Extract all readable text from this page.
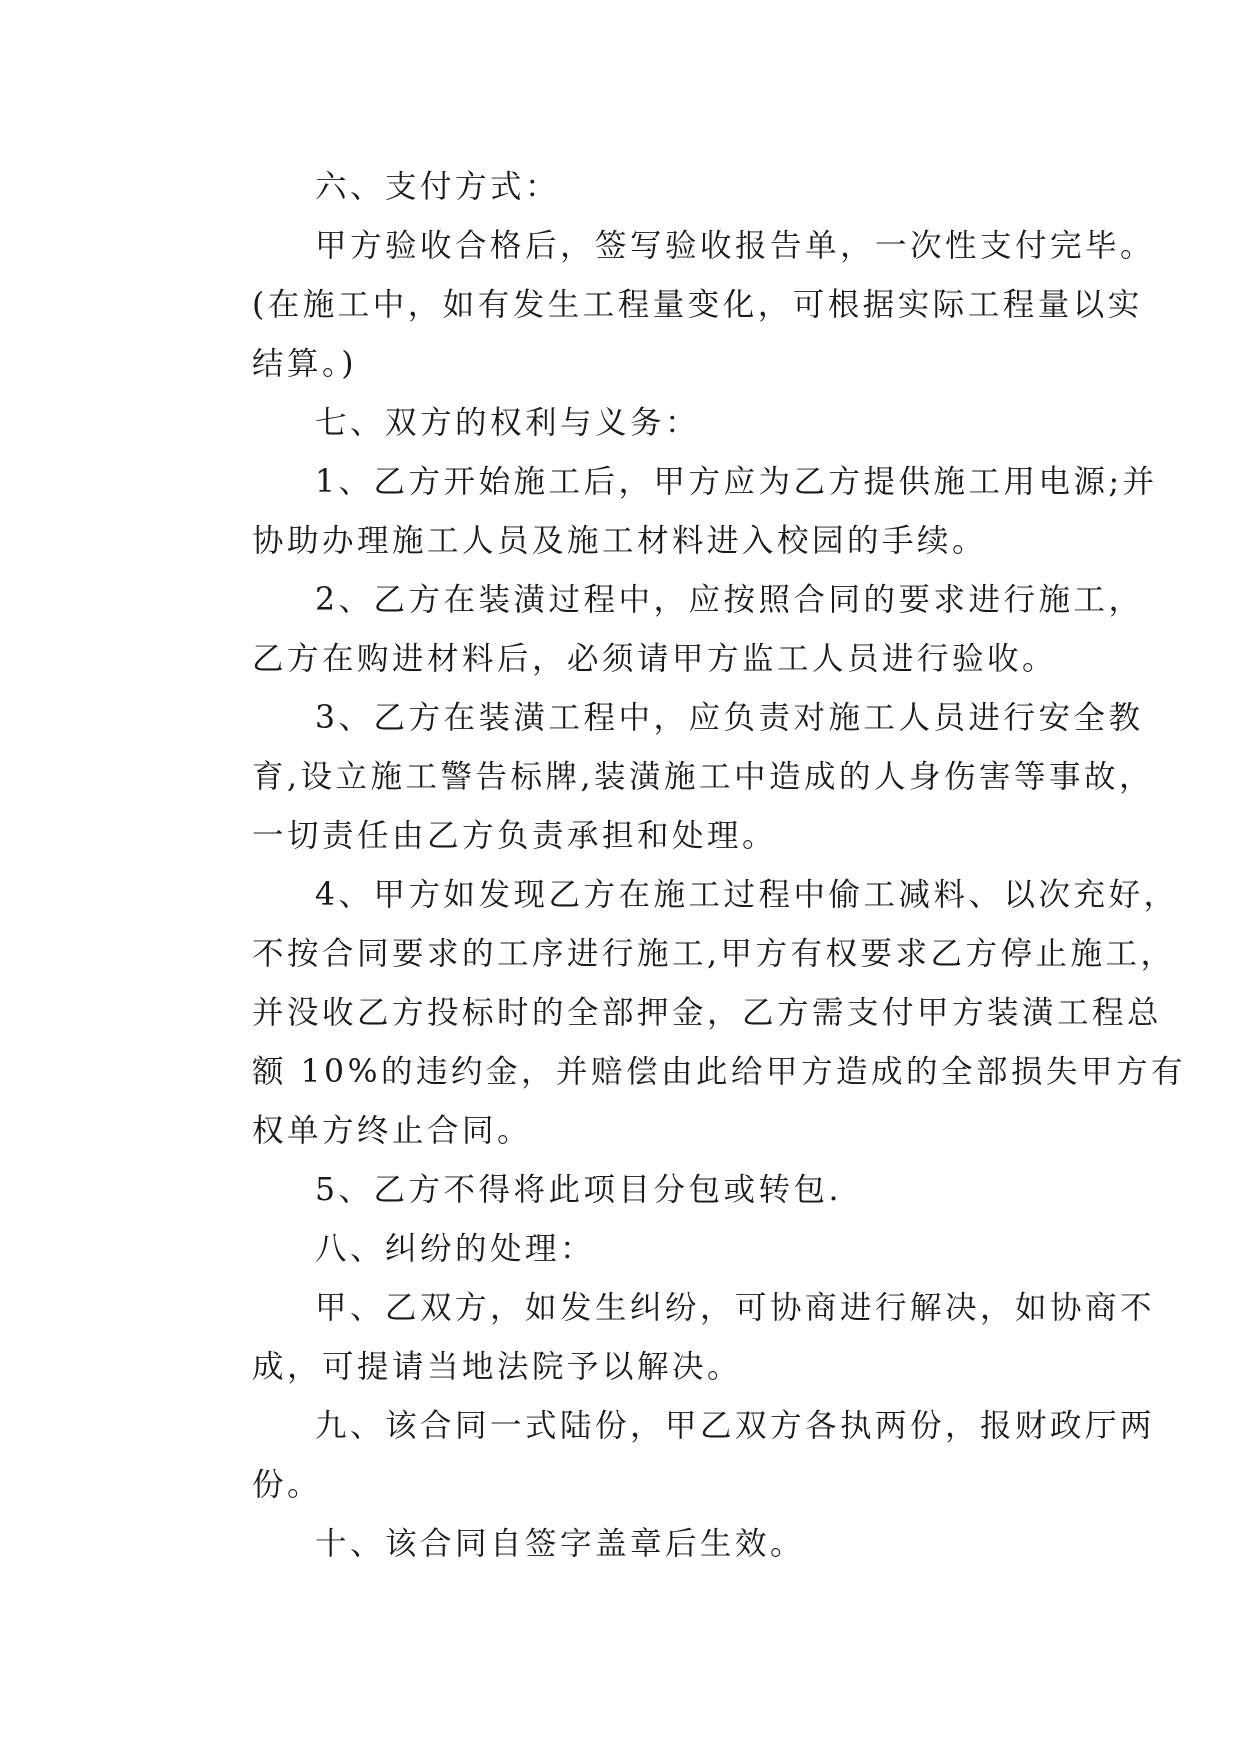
六、支付方式：
甲方验收合格后，签写验收报告单，一次性支付完毕。
(在施工中，如有发生工程量变化，可根据实际工程量以实
结算。)
七、双方的权利与义务：
1、乙方开始施工后，甲方应为乙方提供施工用电源;并
协助办理施工人员及施工材料进入校园的手续。
2、乙方在装潢过程中，应按照合同的要求进行施工，
乙方在购进材料后，必须请甲方监工人员进行验收。
3、乙方在装潢工程中，应负责对施工人员进行安全教
育,设立施工警告标牌,装潢施工中造成的人身伤害等事故，
一切责任由乙方负责承担和处理。
4、甲方如发现乙方在施工过程中偷工减料、以次充好，
不按合同要求的工序进行施工,甲方有权要求乙方停止施工，
并没收乙方投标时的全部押金，乙方需支付甲方装潢工程总
额 10%的违约金，并赔偿由此给甲方造成的全部损失甲方有
权单方终止合同。
5、乙方不得将此项目分包或转包.
八、纠纷的处理：
甲、乙双方，如发生纠纷，可协商进行解决，如协商不
成，可提请当地法院予以解决。
九、该合同一式陆份，甲乙双方各执两份，报财政厅两
份。
十、该合同自签字盖章后生效。
